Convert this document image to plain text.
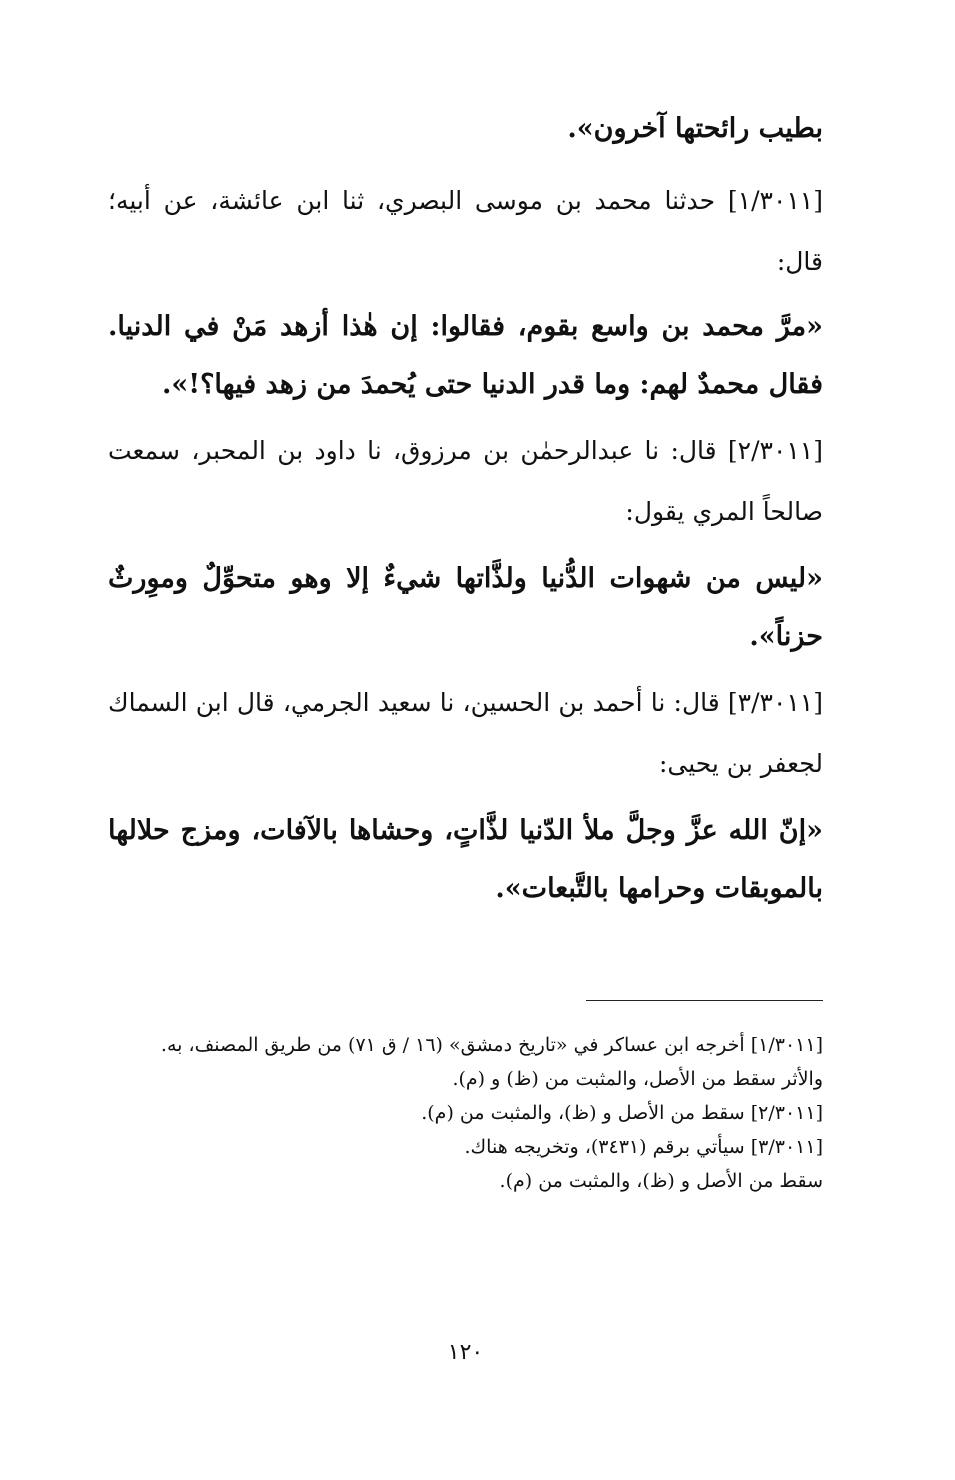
بطيب رائحتها آخرون».

[١/٣٠١١] حدثنا محمد بن موسى البصري، ثنا ابن عائشة، عن أبيه؛ قال:

«مرَّ محمد بن واسع بقوم، فقالوا: إن هٰذا أزهد مَنْ في الدنيا. فقال محمدٌ لهم: وما قدر الدنيا حتى يُحمدَ من زهد فيها؟!».

[٢/٣٠١١] قال: نا عبدالرحمٰن بن مرزوق، نا داود بن المحبر، سمعت صالحاً المري يقول:

«ليس من شهوات الدُّنيا ولذَّاتها شيءٌ إلا وهو متحوِّلٌ وموِرثٌ حزناً».

[٣/٣٠١١] قال: نا أحمد بن الحسين، نا سعيد الجرمي، قال ابن السماك لجعفر بن يحيى:

«إنّ الله عزَّ وجلَّ ملأ الدّنيا لذَّاتٍ، وحشاها بالآفات، ومزج حلالها بالموبقات وحرامها بالتَّبعات».

[١/٣٠١١] أخرجه ابن عساكر في «تاريخ دمشق» (١٦ / ق ٧١) من طريق المصنف، به.

والأثر سقط من الأصل، والمثبت من (ظ) و (م).

[٢/٣٠١١] سقط من الأصل و (ظ)، والمثبت من (م).

[٣/٣٠١١] سيأتي برقم (٣٤٣١)، وتخريجه هناك.

سقط من الأصل و (ظ)، والمثبت من (م).

١٢٠
